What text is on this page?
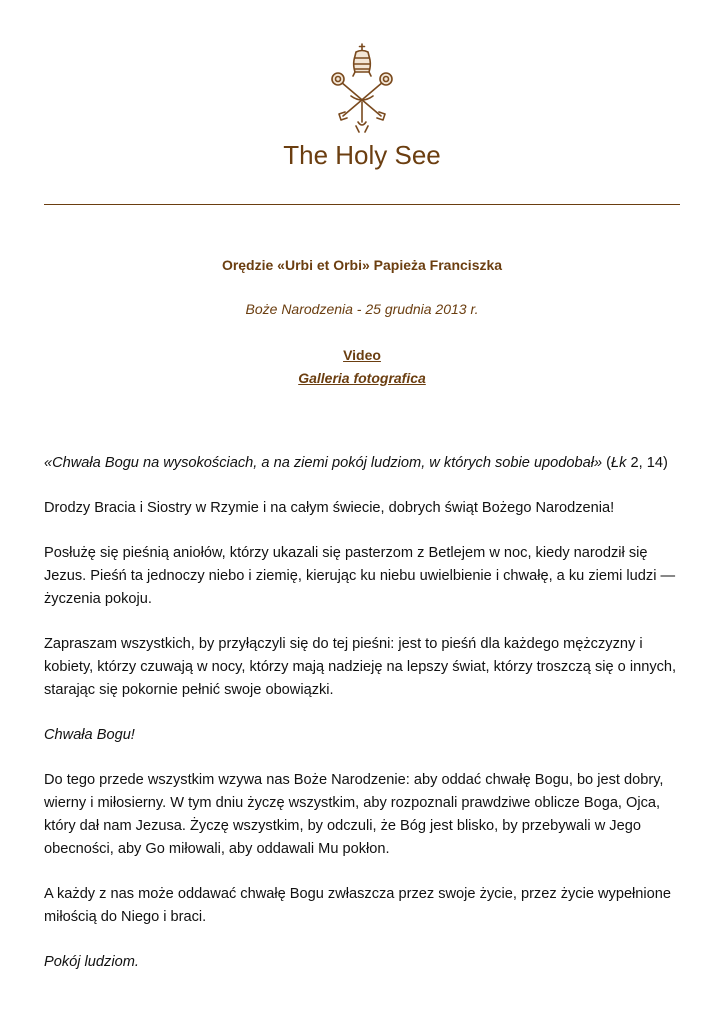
The Holy See

Orędzie «Urbi et Orbi» Papieża Franciszka

Boże Narodzenia - 25 grudnia 2013 r.

Video
Galleria fotografica

«Chwała Bogu na wysokościach, a na ziemi pokój ludziom, w których sobie upodobał» (Łk 2, 14)

Drodzy Bracia i Siostry w Rzymie i na całym świecie, dobrych świąt Bożego Narodzenia!

Posłużę się pieśnią aniołów, którzy ukazali się pasterzom z Betlejem w noc, kiedy narodził się Jezus. Pieśń ta jednoczy niebo i ziemię, kierując ku niebu uwielbienie i chwałę, a ku ziemi ludzi — życzenia pokoju.

Zapraszam wszystkich, by przyłączyli się do tej pieśni: jest to pieśń dla każdego mężczyzny i kobiety, którzy czuwają w nocy, którzy mają nadzieję na lepszy świat, którzy troszczą się o innych, starając się pokornie pełnić swoje obowiązki.

Chwała Bogu!

Do tego przede wszystkim wzywa nas Boże Narodzenie: aby oddać chwałę Bogu, bo jest dobry, wierny i miłosierny. W tym dniu życzę wszystkim, aby rozpoznali prawdziwe oblicze Boga, Ojca, który dał nam Jezusa. Życzę wszystkim, by odczuli, że Bóg jest blisko, by przebywali w Jego obecności, aby Go miłowali, aby oddawali Mu pokłon.

A każdy z nas może oddawać chwałę Bogu zwłaszcza przez swoje życie, przez życie wypełnione miłością do Niego i braci.

Pokój ludziom.
